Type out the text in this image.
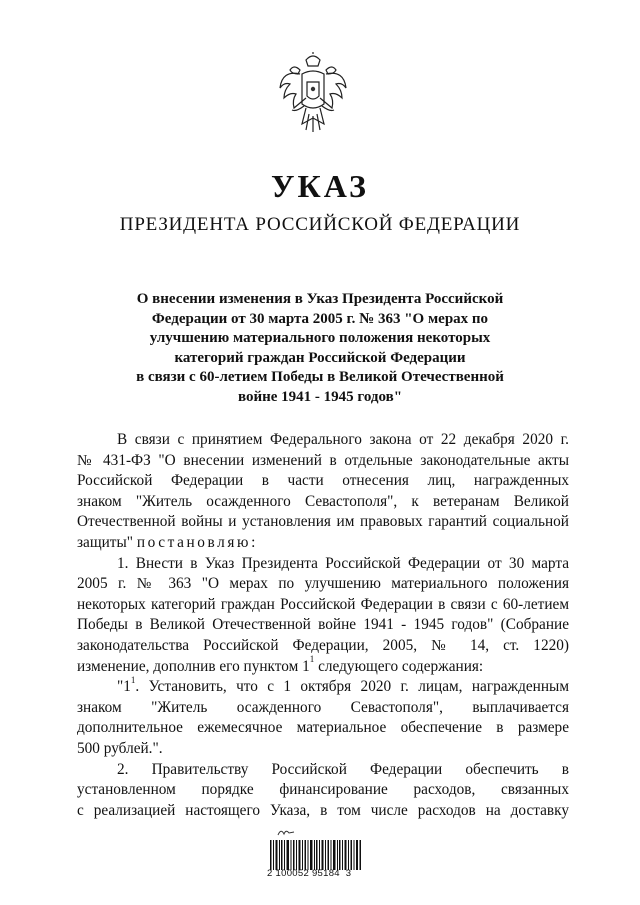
УКАЗ
ПРЕЗИДЕНТА РОССИЙСКОЙ ФЕДЕРАЦИИ
О внесении изменения в Указ Президента Российской
Федерации от 30 марта 2005 г. № 363 "О мерах по
улучшению материального положения некоторых
категорий граждан Российской Федерации
в связи с 60-летием Победы в Великой Отечественной
войне 1941 - 1945 годов"
В связи с принятием Федерального закона от 22 декабря 2020 г.
№ 431-ФЗ "О внесении изменений в отдельные законодательные акты
Российской Федерации в части отнесения лиц, награжденных
знаком "Житель осажденного Севастополя", к ветеранам Великой
Отечественной войны и установления им правовых гарантий социальной
защиты" постановляю:
1. Внести в Указ Президента Российской Федерации от 30 марта
2005 г. № 363 "О мерах по улучшению материального положения
некоторых категорий граждан Российской Федерации в связи с 60-летием
Победы в Великой Отечественной войне 1941 - 1945 годов" (Собрание
законодательства Российской Федерации, 2005, № 14, ст. 1220)
изменение, дополнив его пунктом $1^1$ следующего содержания:
"$1^1$. Установить, что с 1 октября 2020 г. лицам, награжденным
знаком "Житель осажденного Севастополя", выплачивается
дополнительное ежемесячное материальное обеспечение в размере
500 рублей.".
2. Правительству Российской Федерации обеспечить в
установленном порядке финансирование расходов, связанных
с реализацией настоящего Указа, в том числе расходов на доставку
2 100052 95184  3
